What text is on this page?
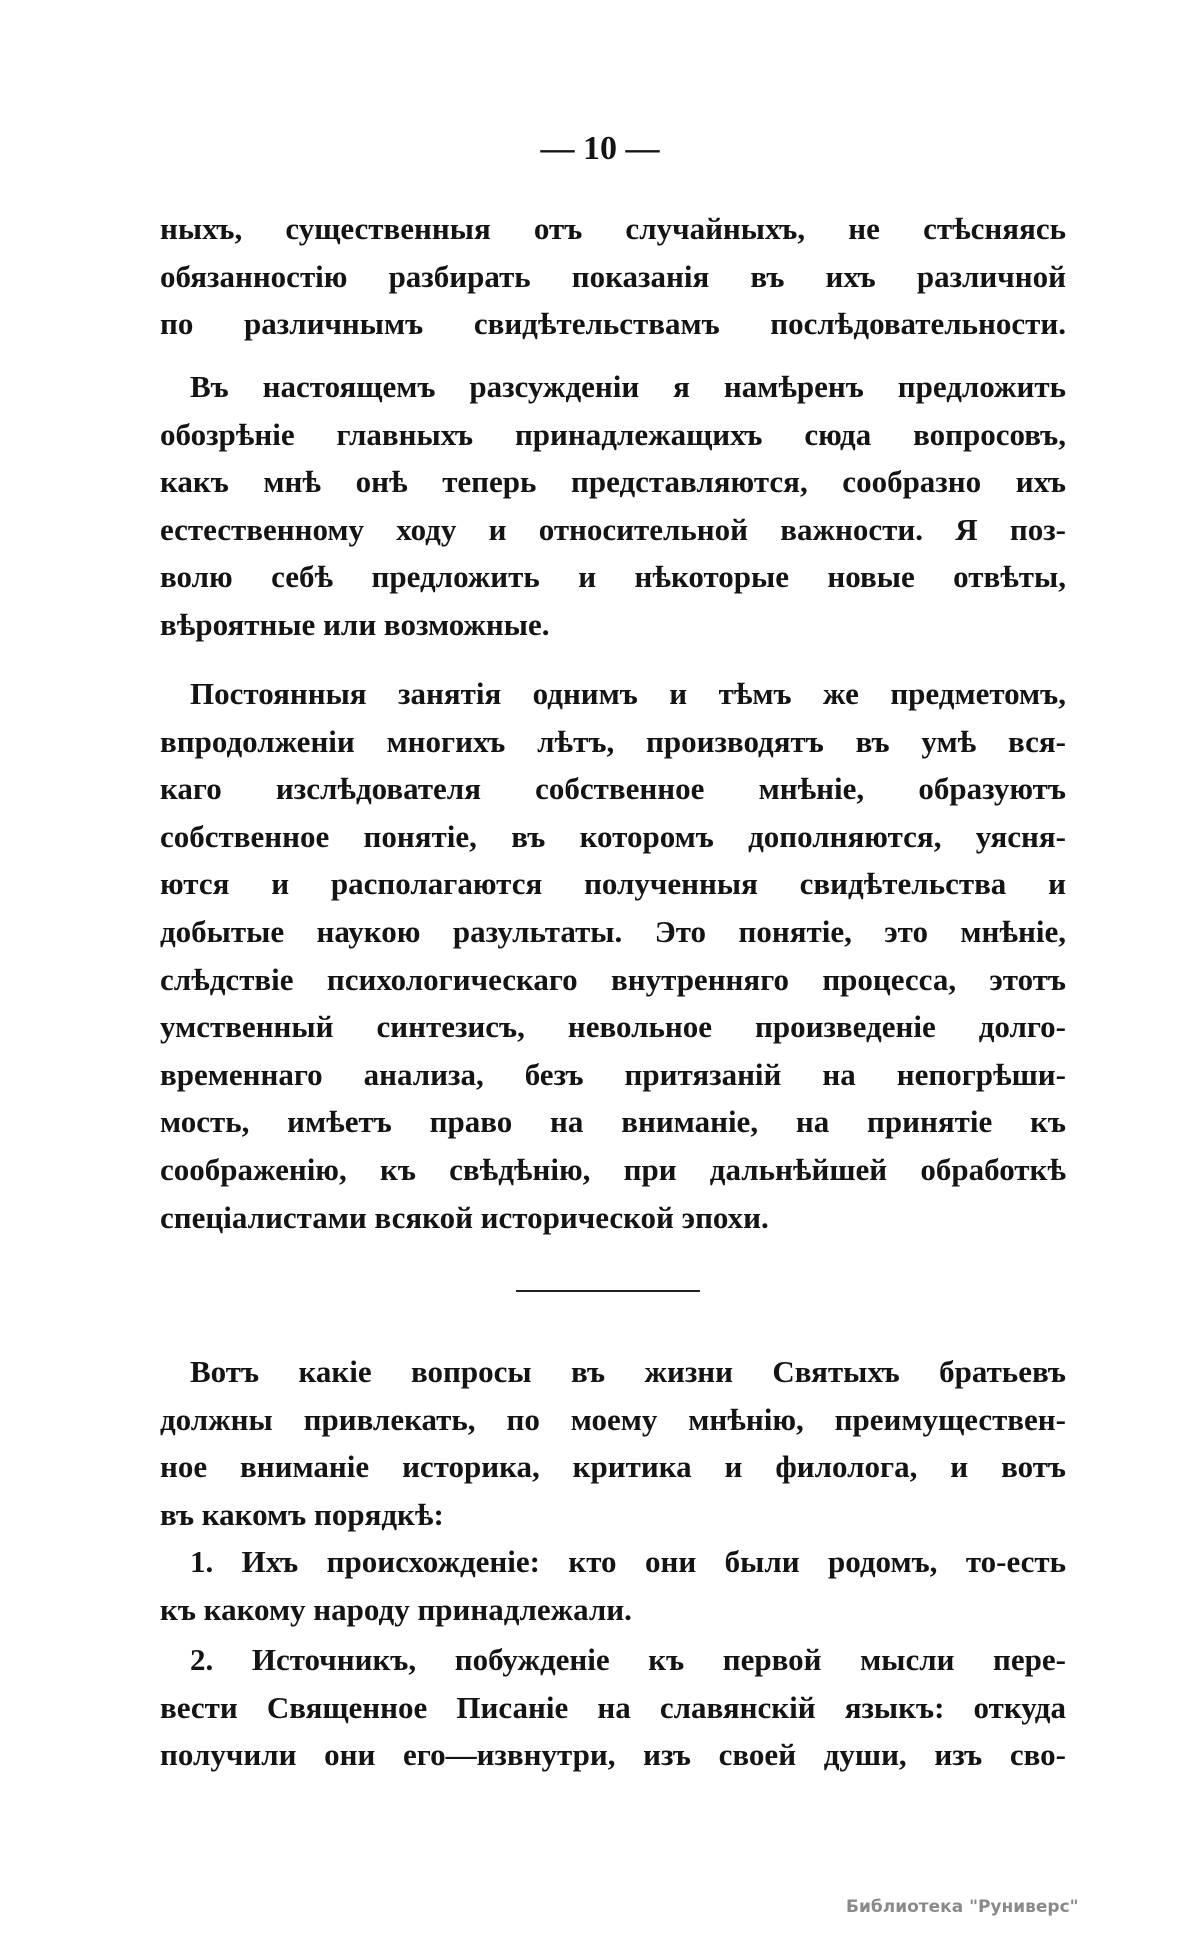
— 10 —
ныхъ, существенныя отъ случайныхъ, не стѣсняясь
обязанностію разбирать показанія въ ихъ различной
по различнымъ свидѣтельствамъ послѣдовательности.
Въ настоящемъ разсужденіи я намѣренъ предложить
обозрѣніе главныхъ принадлежащихъ сюда вопросовъ,
какъ мнѣ онѣ теперь представляются, сообразно ихъ
естественному ходу и относительной важности. Я поз-
волю себѣ предложить и нѣкоторые новые отвѣты,
вѣроятные или возможные.
Постоянныя занятія однимъ и тѣмъ же предметомъ,
впродолженіи многихъ лѣтъ, производятъ въ умѣ вся-
каго изслѣдователя собственное мнѣніе, образуютъ
собственное понятіе, въ которомъ дополняются, уясня-
ются и располагаются полученныя свидѣтельства и
добытые наукою разультаты. Это понятіе, это мнѣніе,
слѣдствіе психологическаго внутренняго процесса, этотъ
умственный синтезисъ, невольное произведеніе долго-
временнаго анализа, безъ притязаній на непогрѣши-
мость, имѣетъ право на вниманіе, на принятіе къ
соображенію, къ свѣдѣнію, при дальнѣйшей обработкѣ
спеціалистами всякой исторической эпохи.
Вотъ какіе вопросы въ жизни Святыхъ братьевъ
должны привлекать, по моему мнѣнію, преимуществен-
ное вниманіе историка, критика и филолога, и вотъ
въ какомъ порядкѣ:
1. Ихъ происхожденіе: кто они были родомъ, то-есть
къ какому народу принадлежали.
2. Источникъ, побужденіе къ первой мысли пере-
вести Священное Писаніе на славянскій языкъ: откуда
получили они его—извнутри, изъ своей души, изъ сво-
Библиотека "Руниверс"
